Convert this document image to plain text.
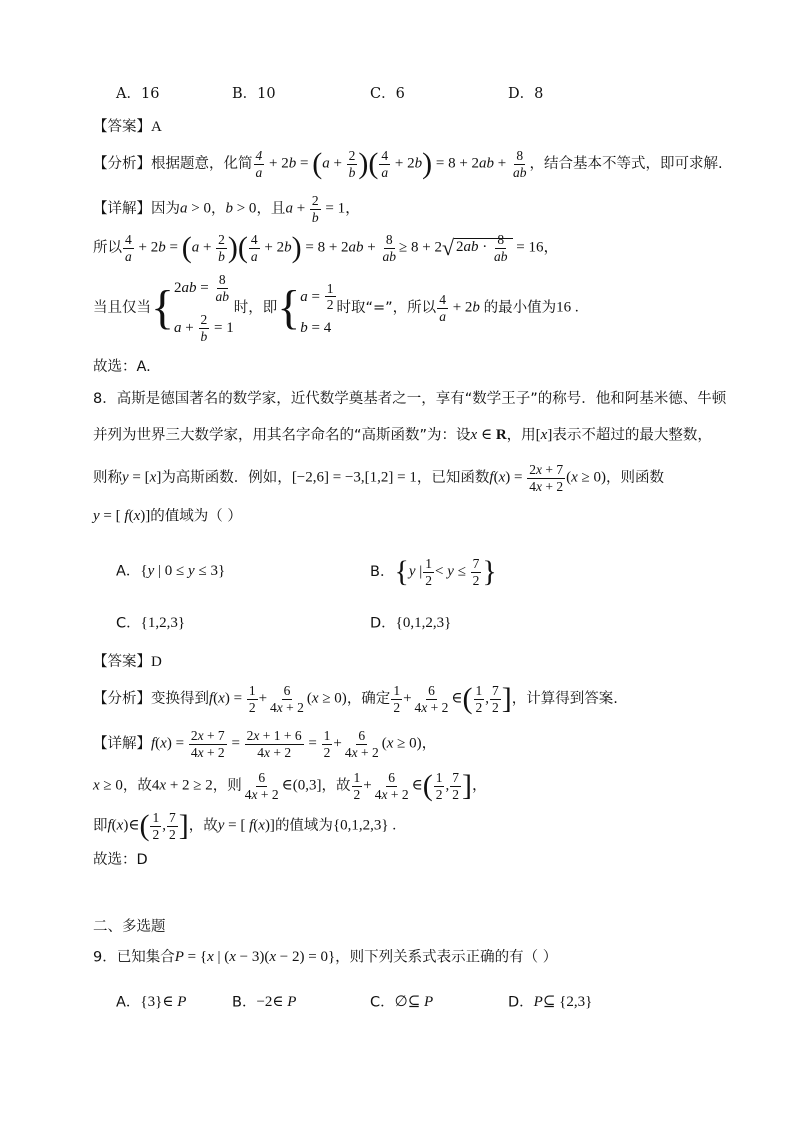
A．16	B．10	C．6	D．8
【答案】A
【分析】根据题意，化简 $\frac{4}{a} + 2b = (a + \frac{2}{b}$ )( $\frac{4}{a} + 2b) = 8 + 2ab + \frac{8}{ab}$ ，结合基本不等式，即可求解.
【详解】因为a > 0，b > 0，且$a + \frac{2}{b} = 1$，
所以 $\frac{4}{a} + 2b = (a + \frac{2}{b}$ )( $\frac{4}{a} + 2b) = 8 + 2ab + \frac{8}{ab} \ge 8 + 2√$ $2ab \cdot \frac{8}{ab} = 16$，
当且仅当{ $2ab = \frac{8}{ab}$
$a + \frac{2}{b} = 1$
时，即{ $a = \frac{1}{2}$
b = 4
时取“=”，所以 $\frac{4}{a} + 2b$ 的最小值为16 .
故选：A.
8．高斯是德国著名的数学家，近代数学奠基者之一，享有“数学王子”的称号．他和阿基米德、牛顿
并列为世界三大数学家，用其名字命名的“高斯函数”为：设x ∈ R，用[x]表示不超过的最大整数，
则称y = [x]为高斯函数．例如，[−2,6] = −3,[1,2] = 1，已知函数$f(x) = \frac{2x + 7}{4x + 2} (x \ge 0)$，则函数
y = [ f(x)]的值域为（ ）
A．{y | 0 ≤ y ≤ 3}	B．{y | $\frac{1}{2} < y \le \frac{7}{2}$ }
C．{1,2,3}	D．{0,1,2,3}
【答案】D
【分析】变换得到$f(x) = \frac{1}{2} + \frac{6}{4x + 2} (x \ge 0)$，确定 $\frac{1}{2} + \frac{6}{4x + 2}$ ∈( $\frac{1}{2}$ , $\frac{7}{2}$ ]，计算得到答案.
【详解】$f(x) = \frac{2x + 7}{4x + 2} = \frac{2x + 1 + 6}{4x + 2} = \frac{1}{2} + \frac{6}{4x + 2} (x \ge 0)$，
x ≥ 0，故4x + 2 ≥ 2，则 $\frac{6}{4x + 2}$ ∈(0,3]，故 $\frac{1}{2} + \frac{6}{4x + 2}$ ∈( $\frac{1}{2}$ , $\frac{7}{2}$ ]，
即f(x)∈( $\frac{1}{2}$ , $\frac{7}{2}$ ]，故y = [ f(x)]的值域为{0,1,2,3} .
故选：D
二、多选题
9．已知集合P = {x | (x − 3)(x − 2) = 0}，则下列关系式表示正确的有（ ）
A．{3}∈ P	B．−2∈ P	C．∅⊆ P	D．P⊆ {2,3}
